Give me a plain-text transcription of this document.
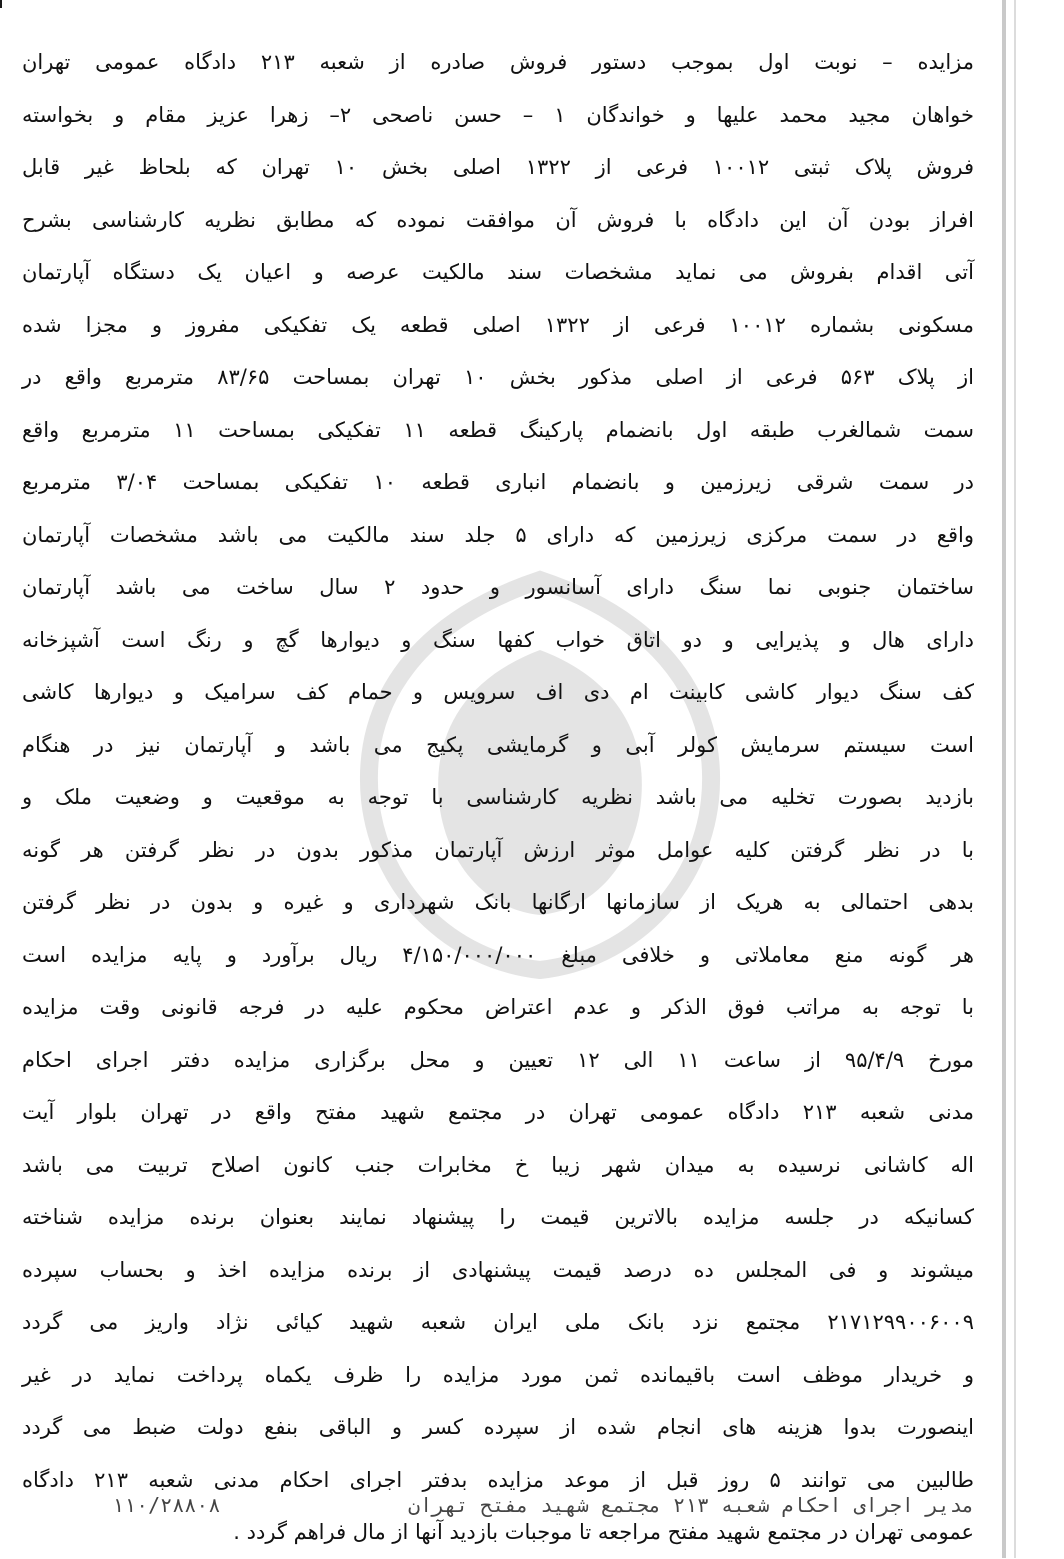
مزایده – نوبت اول بموجب دستور فروش صادره از شعبه ۲۱۳ دادگاه عمومی تهران
خواهان مجید محمد علیها و خواندگان ۱ – حسن ناصحی ۲– زهرا عزیز مقام و بخواسته
فروش پلاک ثبتی ۱۰۰۱۲ فرعی از ۱۳۲۲ اصلی بخش ۱۰ تهران که بلحاظ غیر قابل
افراز بودن آن این دادگاه با فروش آن موافقت نموده که مطابق نظریه کارشناسی بشرح
آتی اقدام بفروش می نماید مشخصات سند مالکیت عرصه و اعیان یک دستگاه آپارتمان
مسکونی بشماره ۱۰۰۱۲ فرعی از ۱۳۲۲ اصلی قطعه یک تفکیکی مفروز و مجزا شده
از پلاک ۵۶۳ فرعی از اصلی مذکور بخش ۱۰ تهران بمساحت ۸۳/۶۵ مترمربع واقع در
سمت شمالغرب طبقه اول بانضمام پارکینگ قطعه ۱۱ تفکیکی بمساحت ۱۱ مترمربع واقع
در سمت شرقی زیرزمین و بانضمام انباری قطعه ۱۰ تفکیکی بمساحت ۳/۰۴ مترمربع
واقع در سمت مرکزی زیرزمین که دارای ۵ جلد سند مالکیت می باشد مشخصات آپارتمان
ساختمان جنوبی نما سنگ دارای آسانسور و حدود ۲ سال ساخت می باشد آپارتمان
دارای هال و پذیرایی و دو اتاق خواب کفها سنگ و دیوارها گچ و رنگ است آشپزخانه
کف سنگ دیوار کاشی کابینت ام دی اف سرویس و حمام کف سرامیک و دیوارها کاشی
است سیستم سرمایش کولر آبی و گرمایشی پکیج می باشد و آپارتمان نیز در هنگام
بازدید بصورت تخلیه می باشد نظریه کارشناسی با توجه به موقعیت و وضعیت ملک و
با در نظر گرفتن کلیه عوامل موثر ارزش آپارتمان مذکور بدون در نظر گرفتن هر گونه
بدهی احتمالی به هریک از سازمانها ارگانها بانک شهرداری و غیره و بدون در نظر گرفتن
هر گونه منع معاملاتی و خلافی مبلغ ۴/۱۵۰/۰۰۰/۰۰۰ ریال برآورد و پایه مزایده است
با توجه به مراتب فوق الذکر و عدم اعتراض محکوم علیه در فرجه قانونی وقت مزایده
مورخ ۹۵/۴/۹ از ساعت ۱۱ الی ۱۲ تعیین و محل برگزاری مزایده دفتر اجرای احکام
مدنی شعبه ۲۱۳ دادگاه عمومی تهران در مجتمع شهید مفتح واقع در تهران بلوار آیت
اله کاشانی نرسیده به میدان شهر زیبا خ مخابرات جنب کانون اصلاح تربیت می باشد
کسانیکه در جلسه مزایده بالاترین قیمت را پیشنهاد نمایند بعنوان برنده مزایده شناخته
میشوند و فی المجلس ده درصد قیمت پیشنهادی از برنده مزایده اخذ و بحساب سپرده
۲۱۷۱۲۹۹۰۰۶۰۰۹ مجتمع نزد بانک ملی ایران شعبه شهید کیائی نژاد واریز می گردد
و خریدار موظف است باقیمانده ثمن مورد مزایده را ظرف یکماه پرداخت نماید در غیر
اینصورت بدوا هزینه های انجام شده از سپرده کسر و الباقی بنفع دولت ضبط می گردد
طالبین می توانند ۵ روز قبل از موعد مزایده بدفتر اجرای احکام مدنی شعبه ۲۱۳ دادگاه
عمومی تهران در مجتمع شهید مفتح مراجعه تا موجبات بازدید آنها از مال فراهم گردد .
مدیر اجرای احکام شعبه ۲۱۳ مجتمع شهید مفتح تهران
۱۱۰/۲۸۸۰۸
